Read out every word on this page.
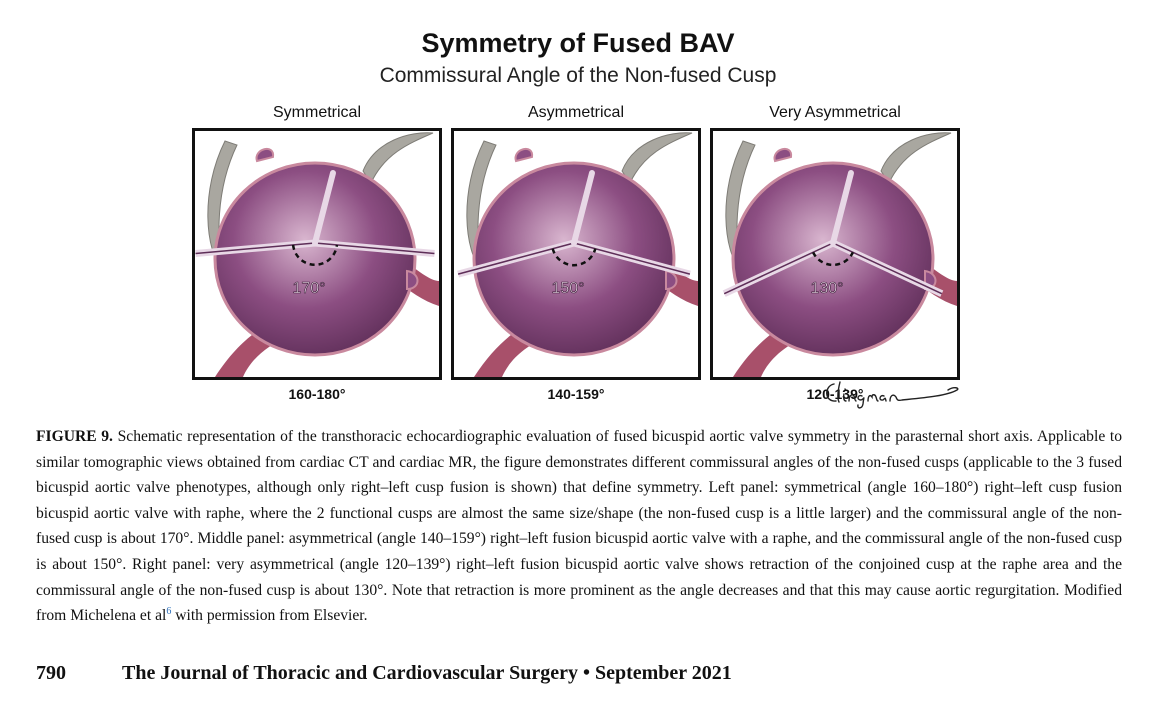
Symmetry of Fused BAV
Commissural Angle of the Non-fused Cusp
Symmetrical	Asymmetrical	Very Asymmetrical
170°	150°	130°
160-180°	140-159°	120-139°
FIGURE 9. Schematic representation of the transthoracic echocardiographic evaluation of fused bicuspid aortic valve symmetry in the parasternal short axis. Applicable to similar tomographic views obtained from cardiac CT and cardiac MR, the figure demonstrates different commissural angles of the non-fused cusps (applicable to the 3 fused bicuspid aortic valve phenotypes, although only right–left cusp fusion is shown) that define symmetry. Left panel: symmetrical (angle 160–180°) right–left cusp fusion bicuspid aortic valve with raphe, where the 2 functional cusps are almost the same size/shape (the non-fused cusp is a little larger) and the commissural angle of the non-fused cusp is about 170°. Middle panel: asymmetrical (angle 140–159°) right–left fusion bicuspid aortic valve with a raphe, and the commissural angle of the non-fused cusp is about 150°. Right panel: very asymmetrical (angle 120–139°) right–left fusion bicuspid aortic valve shows retraction of the conjoined cusp at the raphe area and the commissural angle of the non-fused cusp is about 130°. Note that retraction is more prominent as the angle decreases and that this may cause aortic regurgitation. Modified from Michelena et $al^6$ with permission from Elsevier.
790	The Journal of Thoracic and Cardiovascular Surgery • September 2021
